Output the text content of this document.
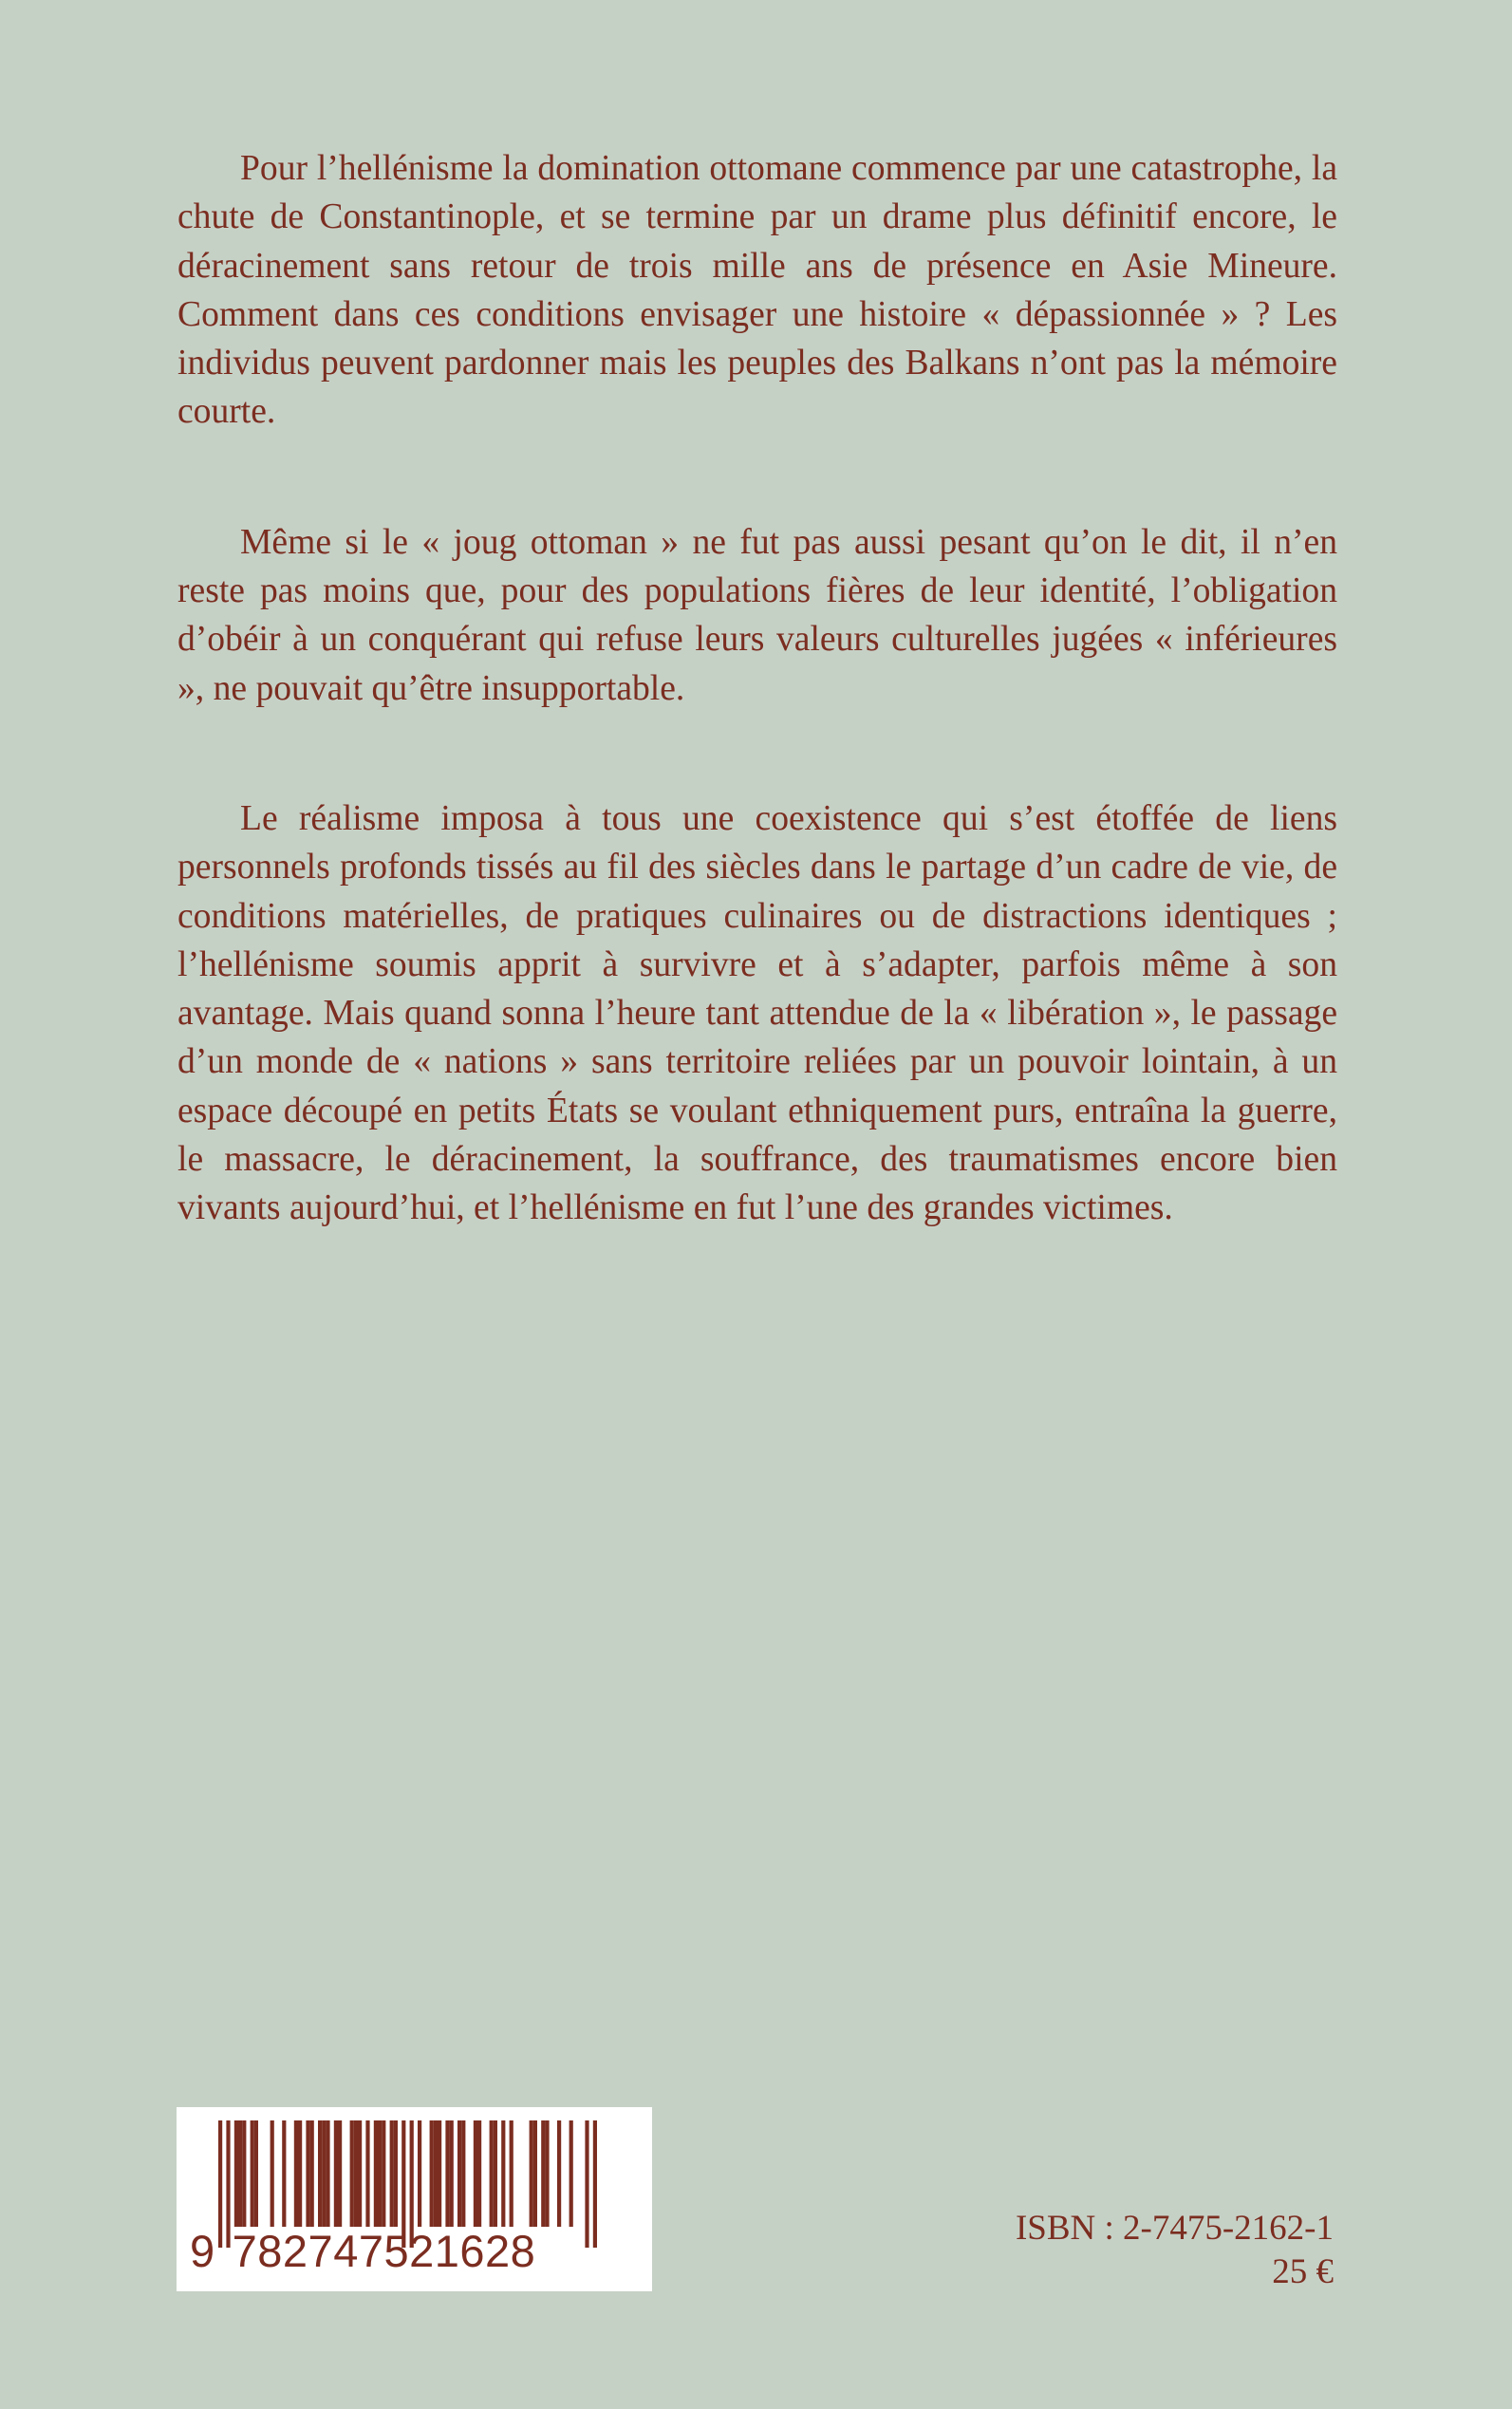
Pour l’hellénisme la domination ottomane commence par une catastrophe, la chute de Constantinople, et se termine par un drame plus définitif encore, le déracinement sans retour de trois mille ans de présence en Asie Mineure. Comment dans ces conditions envisager une histoire « dépassionnée » ? Les individus peuvent pardonner mais les peuples des Balkans n’ont pas la mémoire courte.

Même si le « joug ottoman » ne fut pas aussi pesant qu’on le dit, il n’en reste pas moins que, pour des populations fières de leur identité, l’obligation d’obéir à un conquérant qui refuse leurs valeurs culturelles jugées « inférieures », ne pouvait qu’être insupportable.

Le réalisme imposa à tous une coexistence qui s’est étoffée de liens personnels profonds tissés au fil des siècles dans le partage d’un cadre de vie, de conditions matérielles, de pratiques culinaires ou de distractions identiques ; l’hellénisme soumis apprit à survivre et à s’adapter, parfois même à son avantage. Mais quand sonna l’heure tant attendue de la « libération », le passage d’un monde de « nations » sans territoire reliées par un pouvoir lointain, à un espace découpé en petits États se voulant ethniquement purs, entraîna la guerre, le massacre, le déracinement, la souffrance, des traumatismes encore bien vivants aujourd’hui, et l’hellénisme en fut l’une des grandes victimes.

9 782747521628	ISBN : 2-7475-2162-1
25 €
